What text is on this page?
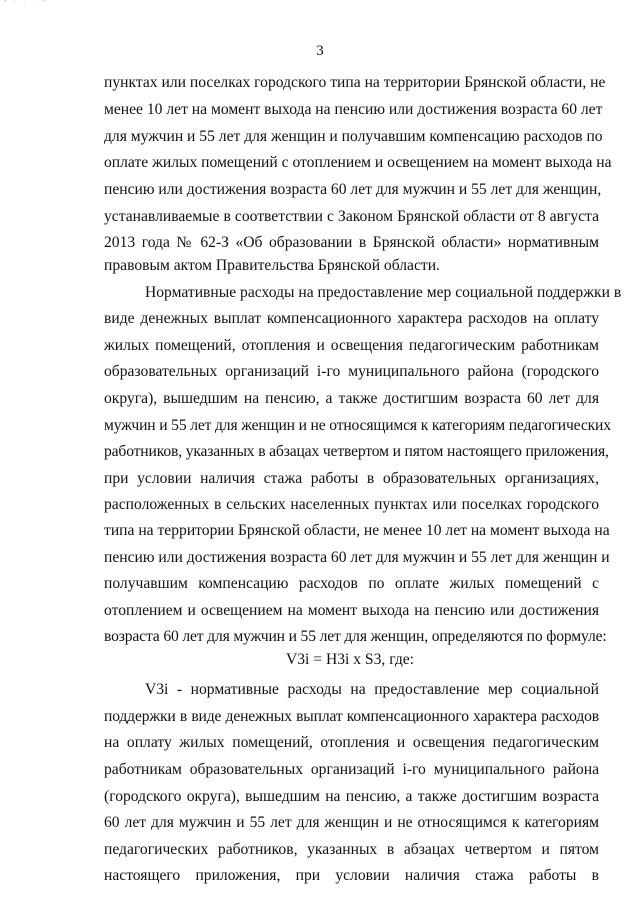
~ · . · ~
3
пунктах или поселках городского типа на территории Брянской области, не
менее 10 лет на момент выхода на пенсию или достижения возраста 60 лет
для мужчин и 55 лет для женщин и получавшим компенсацию расходов по
оплате жилых помещений с отоплением и освещением на момент выхода на
пенсию или достижения возраста 60 лет для мужчин и 55 лет для женщин,
устанавливаемые в соответствии с Законом Брянской области от 8 августа
2013 года № 62-З «Об образовании в Брянской области» нормативным
правовым актом Правительства Брянской области.
Нормативные расходы на предоставление мер социальной поддержки в
виде денежных выплат компенсационного характера расходов на оплату
жилых помещений, отопления и освещения педагогическим работникам
образовательных организаций i-го муниципального района (городского
округа), вышедшим на пенсию, а также достигшим возраста 60 лет для
мужчин и 55 лет для женщин и не относящимся к категориям педагогических
работников, указанных в абзацах четвертом и пятом настоящего приложения,
при условии наличия стажа работы в образовательных организациях,
расположенных в сельских населенных пунктах или поселках городского
типа на территории Брянской области, не менее 10 лет на момент выхода на
пенсию или достижения возраста 60 лет для мужчин и 55 лет для женщин и
получавшим компенсацию расходов по оплате жилых помещений с
отоплением и освещением на момент выхода на пенсию или достижения
возраста 60 лет для мужчин и 55 лет для женщин, определяются по формуле:
V3i = Н3i x S3, где:
V3i - нормативные расходы на предоставление мер социальной
поддержки в виде денежных выплат компенсационного характера расходов
на оплату жилых помещений, отопления и освещения педагогическим
работникам образовательных организаций i-го муниципального района
(городского округа), вышедшим на пенсию, а также достигшим возраста
60 лет для мужчин и 55 лет для женщин и не относящимся к категориям
педагогических работников, указанных в абзацах четвертом и пятом
настоящего приложения, при условии наличия стажа работы в
